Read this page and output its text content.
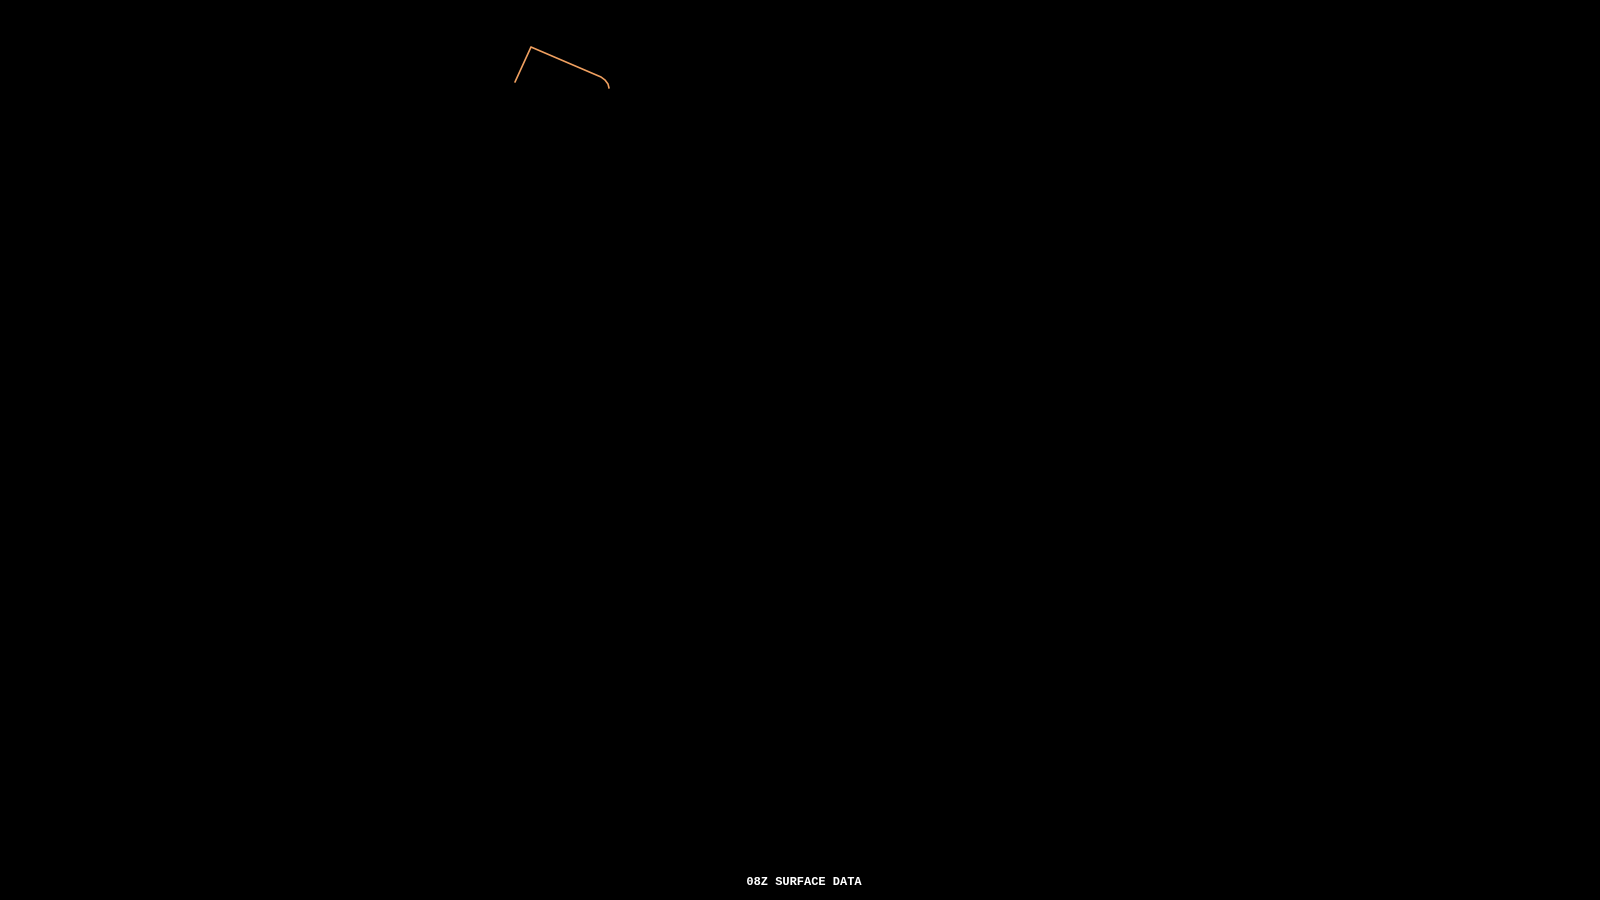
08Z SURFACE DATA
